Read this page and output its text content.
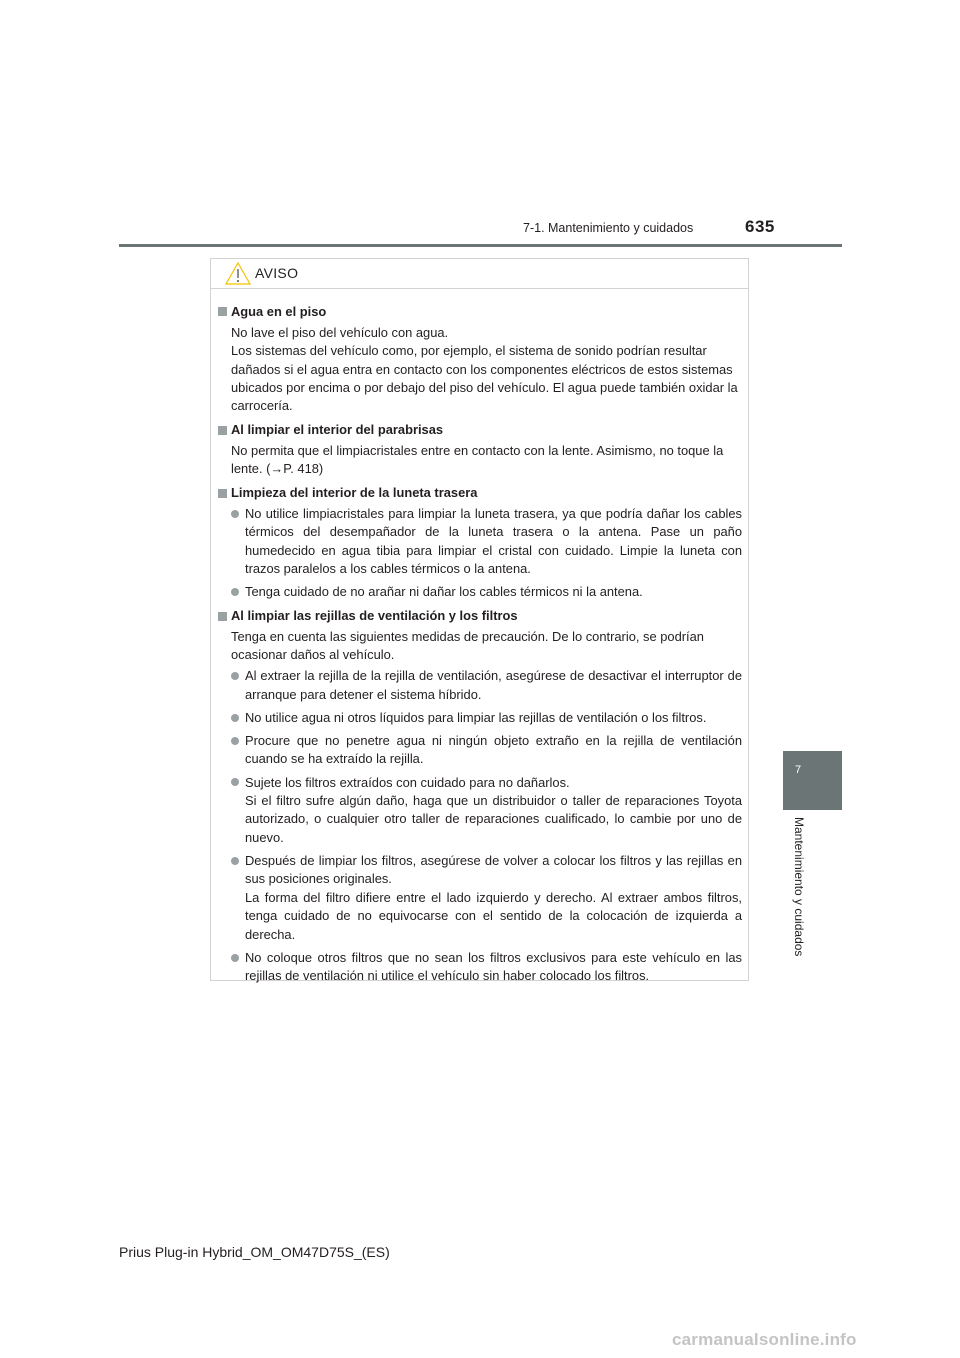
635
7-1. Mantenimiento y cuidados
7
Mantenimiento y cuidados
AVISO
Agua en el piso

No lave el piso del vehículo con agua.

Los sistemas del vehículo como, por ejemplo, el sistema de sonido podrían resultar dañados si el agua entra en contacto con los componentes eléctricos de estos sistemas ubicados por encima o por debajo del piso del vehículo. El agua puede también oxidar la carrocería.

Al limpiar el interior del parabrisas

No permita que el limpiacristales entre en contacto con la lente. Asimismo, no toque la lente. (→P. 418)

Limpieza del interior de la luneta trasera

No utilice limpiacristales para limpiar la luneta trasera, ya que podría dañar los cables térmicos del desempañador de la luneta trasera o la antena. Pase un paño humedecido en agua tibia para limpiar el cristal con cuidado. Limpie la luneta con trazos paralelos a los cables térmicos o la antena.

Tenga cuidado de no arañar ni dañar los cables térmicos ni la antena.

Al limpiar las rejillas de ventilación y los filtros

Tenga en cuenta las siguientes medidas de precaución. De lo contrario, se podrían ocasionar daños al vehículo.

Al extraer la rejilla de la rejilla de ventilación, asegúrese de desactivar el interruptor de arranque para detener el sistema híbrido.

No utilice agua ni otros líquidos para limpiar las rejillas de ventilación o los filtros.

Procure que no penetre agua ni ningún objeto extraño en la rejilla de ventilación cuando se ha extraído la rejilla.

Sujete los filtros extraídos con cuidado para no dañarlos.

Si el filtro sufre algún daño, haga que un distribuidor o taller de reparaciones Toyota autorizado, o cualquier otro taller de reparaciones cualificado, lo cambie por uno de nuevo.

Después de limpiar los filtros, asegúrese de volver a colocar los filtros y las rejillas en sus posiciones originales.

La forma del filtro difiere entre el lado izquierdo y derecho. Al extraer ambos filtros, tenga cuidado de no equivocarse con el sentido de la colocación de izquierda a derecha.

No coloque otros filtros que no sean los filtros exclusivos para este vehículo en las rejillas de ventilación ni utilice el vehículo sin haber colocado los filtros.

Prius Plug-in Hybrid_OM_OM47D75S_(ES)
carmanualsonline.info
